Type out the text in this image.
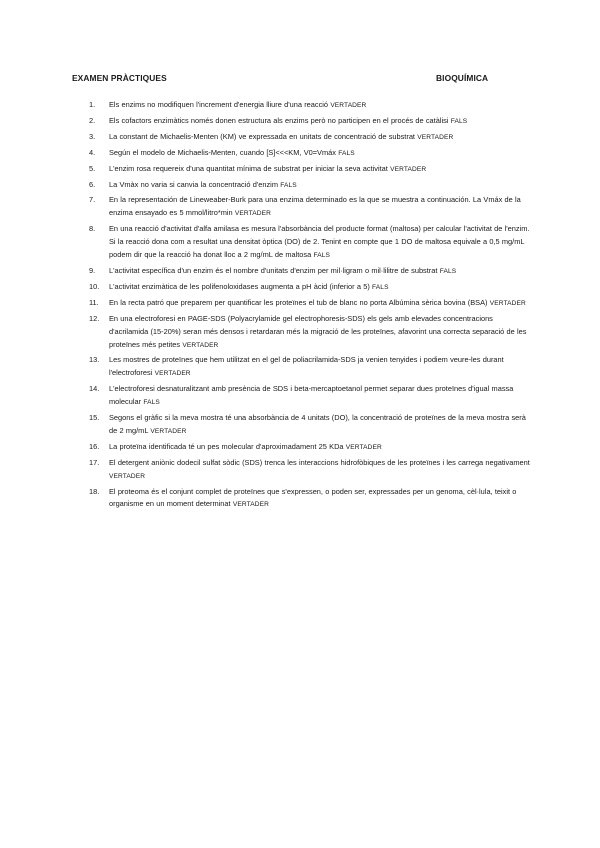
EXAMEN PRÀCTIQUES	BIOQUÍMICA
1. Els enzims no modifiquen l'increment d'energia lliure d'una reacció VERTADER
2. Els cofactors enzimàtics només donen estructura als enzims però no participen en el procés de catàlisi FALS
3. La constant de Michaelis-Menten (KM) ve expressada en unitats de concentració de substrat VERTADER
4. Según el modelo de Michaelis-Menten, cuando [S]<<<KM, V0=Vmáx FALS
5. L'enzim rosa requereix d'una quantitat mínima de substrat per iniciar la seva activitat VERTADER
6. La Vmàx no varia si canvia la concentració d'enzim FALS
7. En la representación de Lineweaber-Burk para una enzima determinado es la que se muestra a continuación. La Vmáx de la enzima ensayado es 5 mmol/litro*min VERTADER
8. En una reacció d'activitat d'alfa amilasa es mesura l'absorbància del producte format (maltosa) per calcular l'activitat de l'enzim. Si la reacció dona com a resultat una densitat òptica (DO) de 2. Tenint en compte que 1 DO de maltosa equivale a 0,5 mg/mL podem dir que la reacció ha donat lloc a 2 mg/mL de maltosa FALS
9. L'activitat específica d'un enzim és el nombre d'unitats d'enzim per mil·ligram o mil·lilitre de substrat FALS
10. L'activitat enzimàtica de les polifenoloxidases augmenta a pH àcid (inferior a 5) FALS
11. En la recta patró que preparem per quantificar les proteïnes el tub de blanc no porta Albúmina sèrica bovina (BSA) VERTADER
12. En una electroforesi en PAGE-SDS (Polyacrylamide gel electrophoresis-SDS) els gels amb elevades concentracions d'acrilamida (15-20%) seran més densos i retardaran més la migració de les proteïnes, afavorint una correcta separació de les proteïnes més petites VERTADER
13. Les mostres de proteïnes que hem utilitzat en el gel de poliacrilamida-SDS ja venien tenyides i podiem veure-les durant l'electroforesi VERTADER
14. L'electroforesi desnaturalitzant amb presència de SDS i beta-mercaptoetanol permet separar dues proteïnes d'igual massa molecular FALS
15. Segons el gràfic si la meva mostra té una absorbància de 4 unitats (DO), la concentració de proteïnes de la meva mostra serà de 2 mg/mL VERTADER
16. La proteïna identificada té un pes molecular d'aproximadament 25 KDa VERTADER
17. El detergent aniònic dodecil sulfat sòdic (SDS) trenca les interaccions hidrofòbiques de les proteïnes i les carrega negativament VERTADER
18. El proteoma és el conjunt complet de proteïnes que s'expressen, o poden ser, expressades per un genoma, cèl·lula, teixit o organisme en un moment determinat VERTADER
